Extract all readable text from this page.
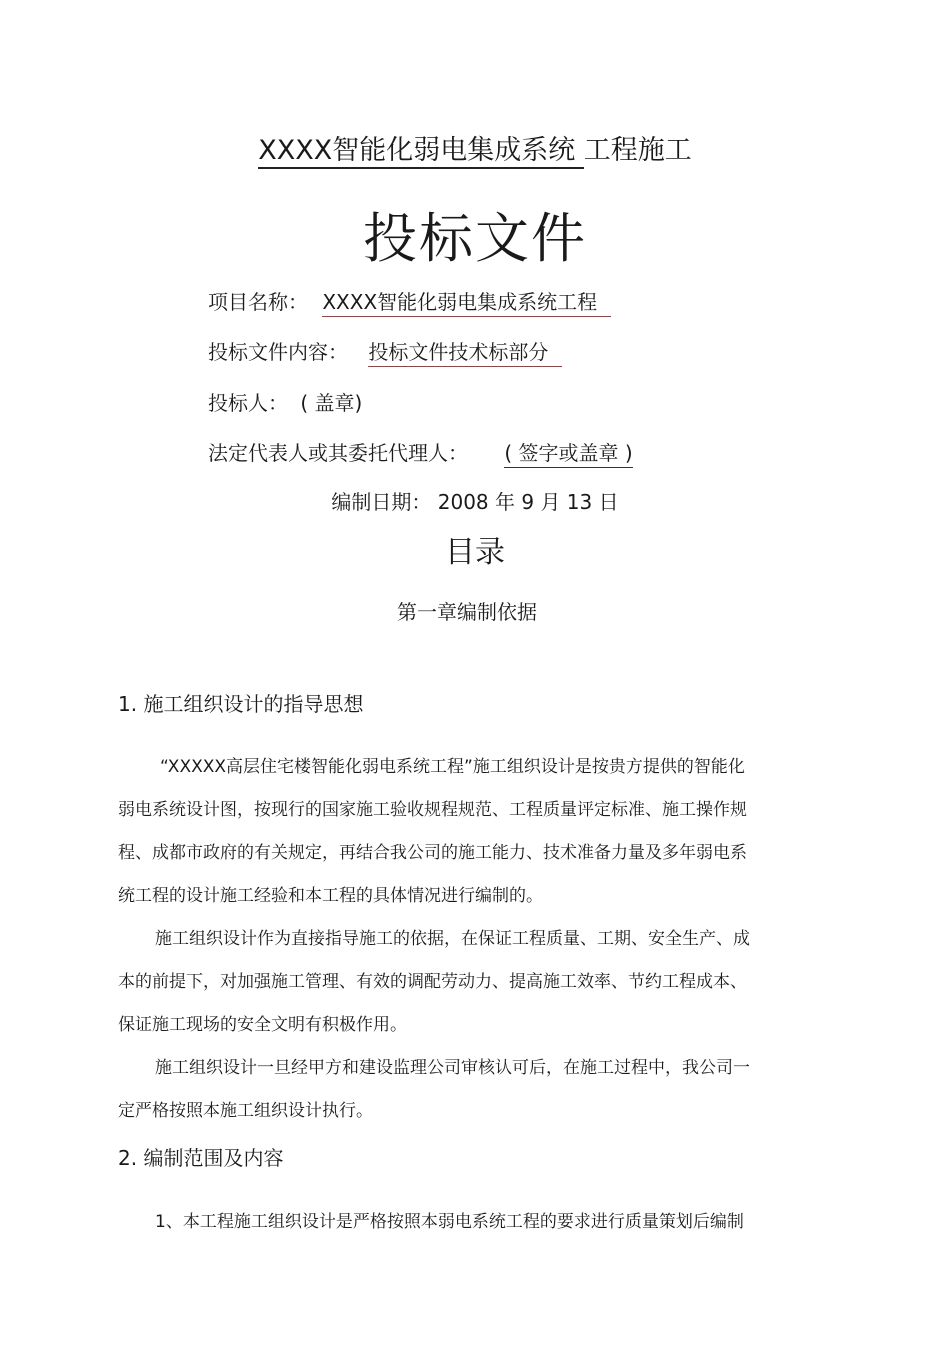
XXXX智能化弱电集成系统 工程施工
投标文件
项目名称： XXXX智能化弱电集成系统工程
投标文件内容： 投标文件技术标部分
投标人： ( 盖章)
法定代表人或其委托代理人： ( 签字或盖章 )
编制日期： 2008 年 9 月 13 日
目录
第一章编制依据
1. 施工组织设计的指导思想
“XXXXX高层住宅楼智能化弱电系统工程”施工组织设计是按贵方提供的智能化
弱电系统设计图，按现行的国家施工验收规程规范、工程质量评定标准、施工操作规
程、成都市政府的有关规定，再结合我公司的施工能力、技术准备力量及多年弱电系
统工程的设计施工经验和本工程的具体情况进行编制的。
施工组织设计作为直接指导施工的依据，在保证工程质量、工期、安全生产、成
本的前提下，对加强施工管理、有效的调配劳动力、提高施工效率、节约工程成本、
保证施工现场的安全文明有积极作用。
施工组织设计一旦经甲方和建设监理公司审核认可后，在施工过程中，我公司一
定严格按照本施工组织设计执行。
2. 编制范围及内容
1、本工程施工组织设计是严格按照本弱电系统工程的要求进行质量策划后编制
